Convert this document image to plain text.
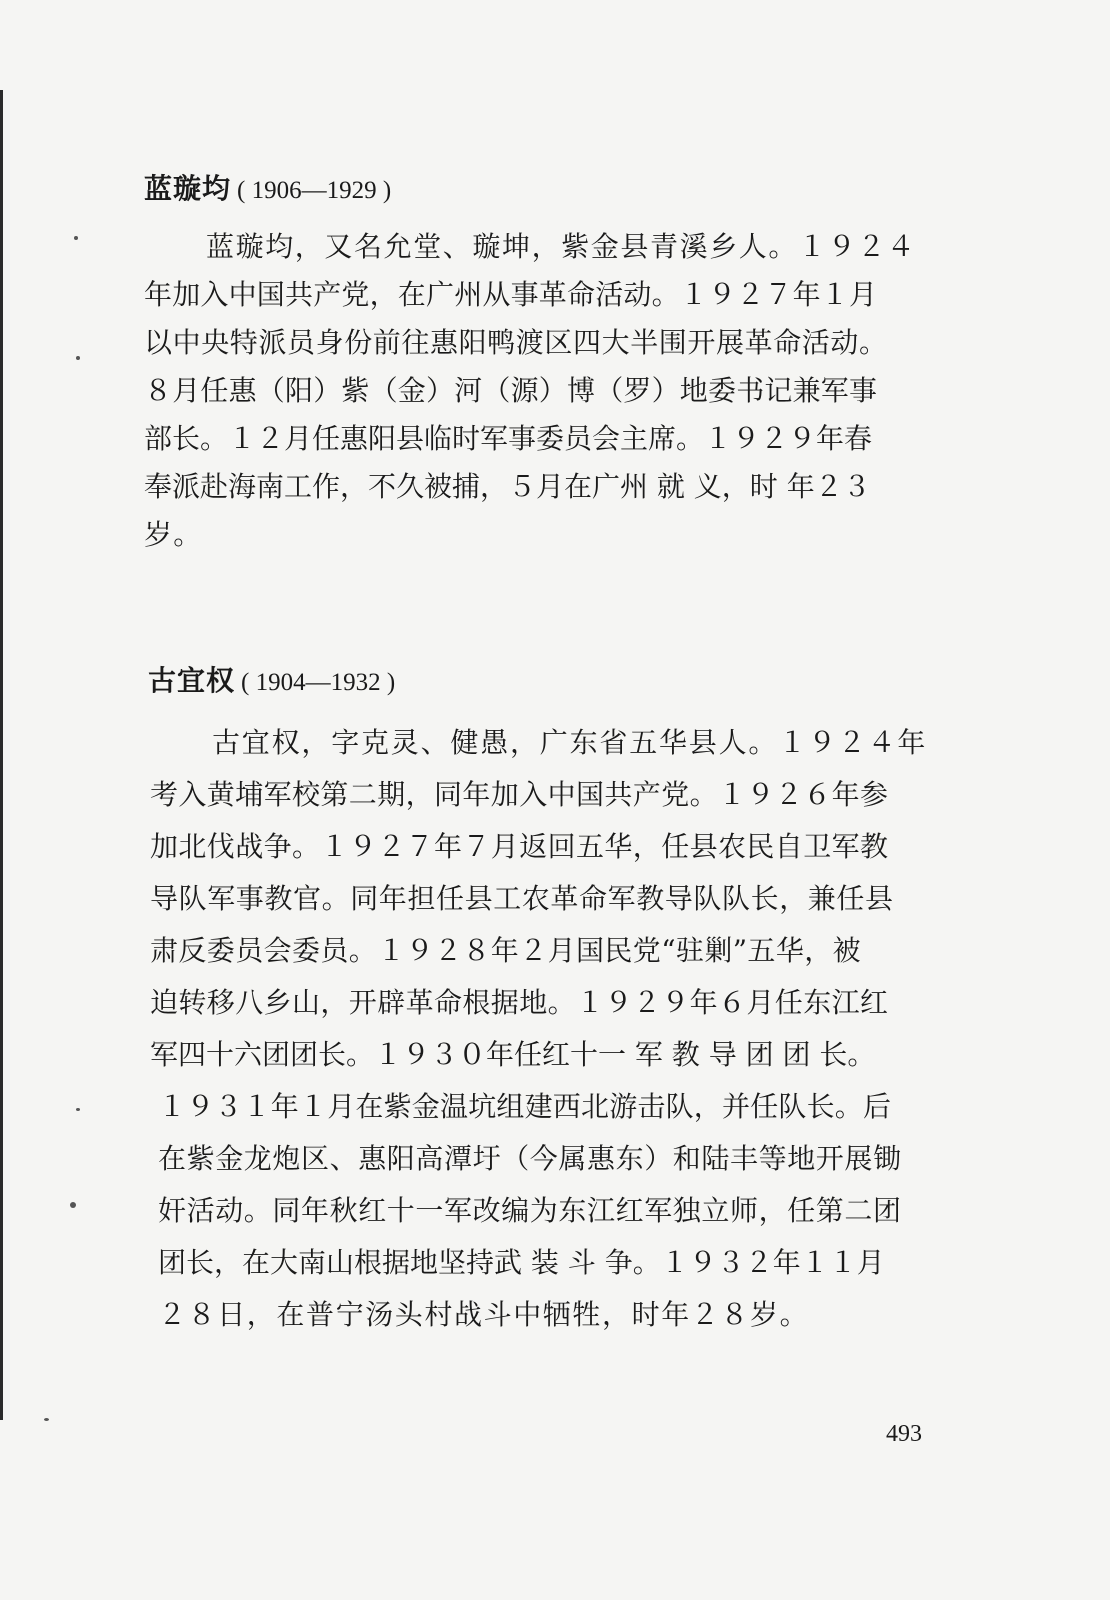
蓝璇均 ( 1906—1929 )
蓝璇均，又名允堂、璇坤，紫金县青溪乡人。１９２４
年加入中国共产党，在广州从事革命活动。１９２７年１月
以中央特派员身份前往惠阳鸭渡区四大半围开展革命活动。
８月任惠（阳）紫（金）河（源）博（罗）地委书记兼军事
部长。１２月任惠阳县临时军事委员会主席。１９２９年春
奉派赴海南工作，不久被捕，５月在广州 就 义，时 年２３
岁。
古宜权 ( 1904—1932 )
古宜权，字克灵、健愚，广东省五华县人。１９２４年
考入黄埔军校第二期，同年加入中国共产党。１９２６年参
加北伐战争。１９２７年７月返回五华，任县农民自卫军教
导队军事教官。同年担任县工农革命军教导队队长，兼任县
肃反委员会委员。１９２８年２月国民党“驻剿”五华，被
迫转移八乡山，开辟革命根据地。１９２９年６月任东江红
军四十六团团长。１９３０年任红十一 军 教 导 团 团 长。
１９３１年１月在紫金温坑组建西北游击队，并任队长。后
在紫金龙炮区、惠阳高潭圩（今属惠东）和陆丰等地开展锄
奸活动。同年秋红十一军改编为东江红军独立师，任第二团
团长，在大南山根据地坚持武 装 斗 争。１９３２年１１月
２８日，在普宁汤头村战斗中牺牲，时年２８岁。
493
